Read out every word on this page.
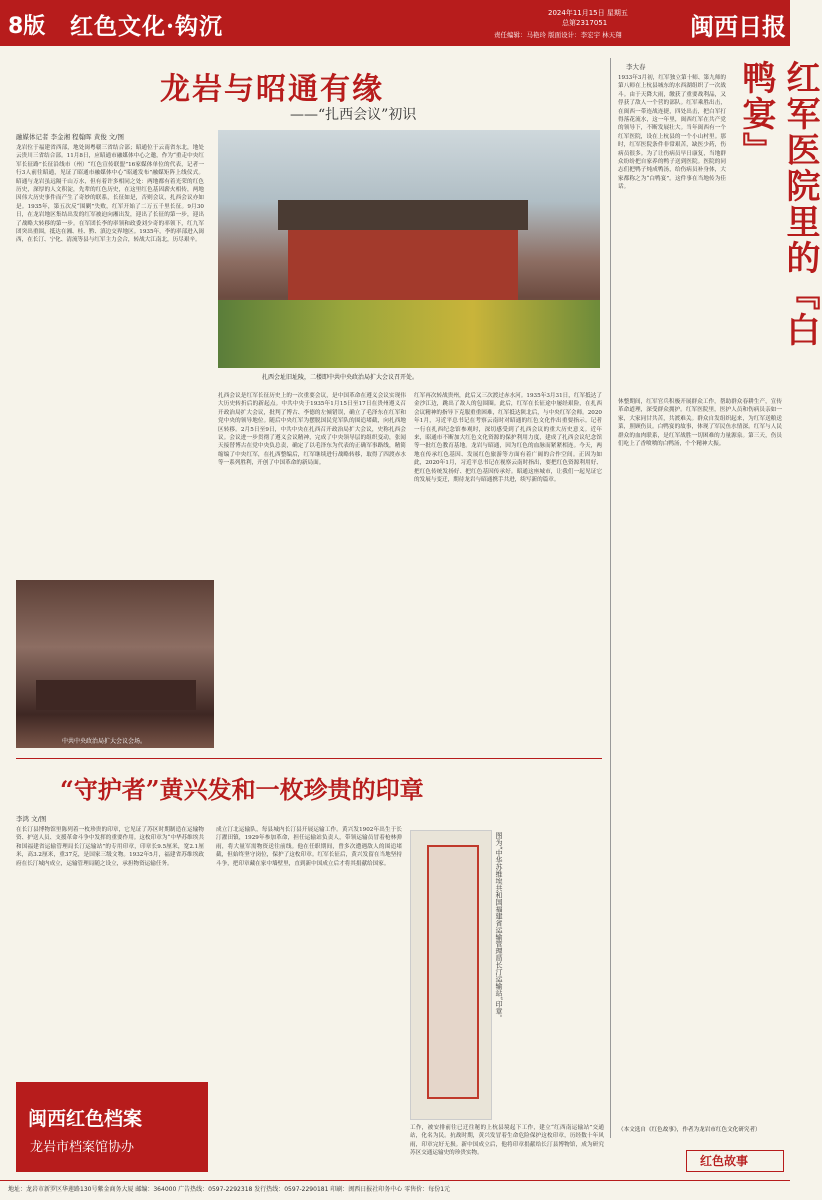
8版 红色文化·钩沉	2024年11月15日 星期五
总第2317051
责任编辑：马艳玲 版面设计：李宏宇 林天翔	闽西日报
龙岩与昭通有缘
——“扎西会议”初识
融媒体记者 李金湘 程翰晖 黄俊 文/图
龙岩位于福建省西部，地处闽粤赣三省结合部；昭通位于云南省东北，地处云贵川三省结合部。11月8日，应昭通市融媒体中心之邀，作为“重走中央红军长征路”长征沿线市（州）“红色宣传联盟”16家媒体单位的代表，记者一行3人前往昭通，见证了昭通市融媒体中心“昭通发布”融媒矩阵上线仪式。昭通与龙岩虽远隔千山万水，但有着许多相同之处：两地都有着光荣的红色历史，深厚的人文积淀，先辈的红色历史，在这里红色基因薪火相传，两地因伟大历史事件而产生了奇妙的联系，长征如是，否则会议，扎西会议亦如是。1935年，第五次反“围剿”失败，红军开始了二万五千里长征。9月30日，在龙岩地区集结出发的红军被迫向湘出发，迎出了长征的第一步，迎出了战略大转移的第一步。在军团长李的率领和政委刘少奇的率领下，红九军团突出重围，抵达在湘、桂、黔、滇边交界地区。1935年，李的率部进入闽西，在长汀、宁化、清流等县与红军主力会合，转战大江南北，历尽艰辛。
扎西会址旧址陵，二楼即中共中央政治局扩大会议召开处。
扎西会议是红军长征历史上的一次重要会议，是中国革命在遵义会议实现伟大历史转折后的新起点。中共中央于1935年1月15日至17日在贵州遵义召开政治局扩大会议，批判了博古、李德的左倾错误，确立了毛泽东在红军和党中央的领导地位。随后中央红军为摆脱国民党军队的围追堵截，向扎西地区转移。2月5日至9日，中共中央在扎西召开政治局扩大会议，史称扎西会议。会议进一步贯彻了遵义会议精神，完成了中央领导层的组织变动，张闻天接替博古在党中央负总责，确定了以毛泽东为代表的正确军事路线，精简缩编了中央红军，在扎西整编后，红军继续进行战略转移，取得了四渡赤水等一系列胜利，开创了中国革命的新局面。
红军再次转战贵州，此后又三次渡过赤水河。1935年3月31日，红军抵达了金沙江边，跳出了敌人的包围圈。此后，红军在长征途中屡经艰险，在扎西会议精神的指导下克服重重困难，红军抵达陕北后，与中央红军会师。2020年1月，习近平总书记在考察云南时对昭通的红色文化作出重要指示。记者一行在扎西纪念馆参观时，深切感受到了扎西会议的重大历史意义。近年来，昭通市不断加大红色文化资源的保护利用力度，建成了扎西会议纪念馆等一批红色教育基地。龙岩与昭通，因为红色的血脉而紧紧相连。今天，两地在传承红色基因、发展红色旅游等方面有着广阔的合作空间。正因为如此，2020年1月，习近平总书记在视察云南时指出，要把红色资源利用好、把红色传统发扬好、把红色基因传承好。昭通这座城市，让我们一起见证它的发展与变迁，期待龙岩与昭通携手共进，续写新的篇章。
中共中央政治局扩大会议会场。
李大春	红军医院里的『白鸭宴』
1933年3月初，红军独立第十师、第九师的第八师在上杭县城东的水西湖组织了一次战斗。由于天降大雨，缴获了重要战利品，又俘获了敌人一个营的部队。红军乘胜出击，在闽西一带连战连捷，四处出击，把白军打得落花流水，这一年里，闽西红军在共产党的领导下，不断发展壮大。当年闽西有一个红军医院，设在上杭县的一个小山村里。那时，红军医院条件非常艰苦，缺医少药，伤病员很多。为了让伤病员早日康复，当地群众纷纷把自家养的鸭子送到医院。医院的同志们把鸭子炖成鸭汤，给伤病员补身体，大家都称之为“白鸭宴”。这件事在当地传为佳话。
休整期间，红军官兵积极开展群众工作，帮助群众春耕生产，宣传革命道理，深受群众拥护。红军医院里，医护人员和伤病员亲如一家，大家同甘共苦，共渡难关。群众自发组织起来，为红军送粮送菜，照顾伤员。白鸭宴的故事，体现了军民鱼水情深。红军与人民群众的血肉联系，是红军战胜一切困难的力量源泉。第三天，伤员们吃上了香喷喷的白鸭汤，个个精神大振。
（本文选自《红色故事》，作者为龙岩市红色文化研究者）
红色故事
“守护者”黄兴发和一枚珍贵的印章
李鸿 文/图
在长汀县博物馆里陈列着一枚珍贵的印章，它见证了苏区时期制造在运输物资、护送人员、支援革命斗争中发挥的重要作用。这枚印章为“中华苏维埃共和国福建省运输管理局长汀运输站”的专用印章，印章长9.5厘米，宽2.1厘米，高3.2厘米，重37克，是国家三级文物。1932年5月，福建省苏维埃政府在长汀城内成立，运输管理局随之设立，承担物资运输任务。
成立汀北运输队，每县城内长汀县开展运输工作。黄兴发1902年出生于长汀濯田镇，1929年参加革命，担任运输站负责人，带领运输员冒着枪林弹雨，将大量军需物资送往前线。他在任职期间，曾多次遭遇敌人的围追堵截，但始终坚守岗位，保护了这枚印章。红军长征后，黄兴发留在当地坚持斗争，把印章藏在家中墙壁里，直到新中国成立后才将其捐献给国家。	图为“中华苏维埃共和国福建省运输管理局长汀运输站”印章。
工作，被安排前往已迁往秘的上杭县境起下工作，建立“红西南运输站”交通站，化名为民。抗战时期，黄兴发冒着生命危险保护这枚印章，历经数十年风雨，印章完好无损。新中国成立后，他将印章捐献给长汀县博物馆，成为研究苏区交通运输史的珍贵实物。
闽西红色档案
龙岩市档案馆协办
地址：龙岩市新罗区华莲路130号紫金商务大厦 邮编：364000 广告热线：0597-2292318 发行热线：0597-2290181 印刷：闽西日报社印务中心 零售价：每份1元
